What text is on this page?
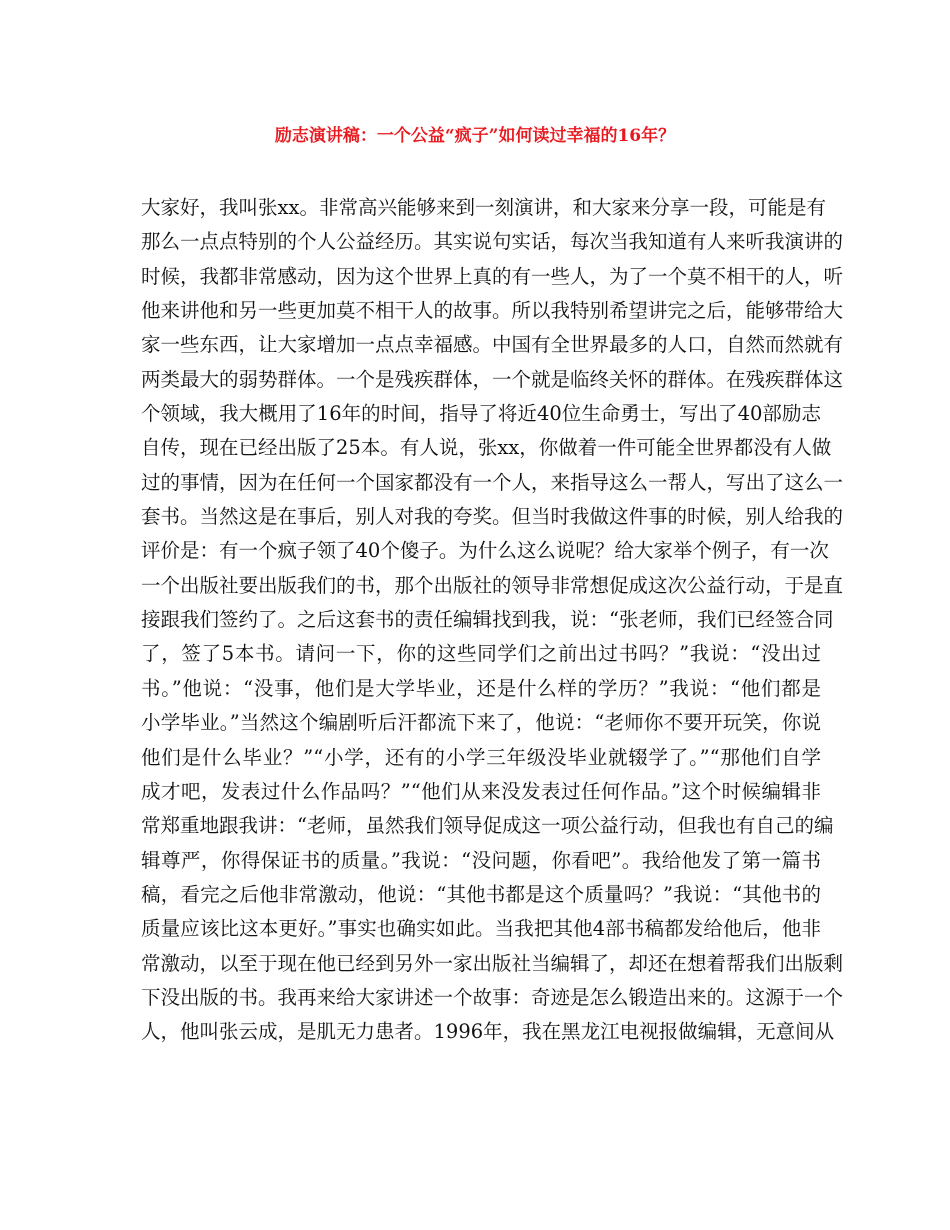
励志演讲稿：一个公益“疯子”如何读过幸福的16年？
大家好，我叫张xx。非常高兴能够来到一刻演讲，和大家来分享一段，可能是有
那么一点点特别的个人公益经历。其实说句实话，每次当我知道有人来听我演讲的
时候，我都非常感动，因为这个世界上真的有一些人，为了一个莫不相干的人，听
他来讲他和另一些更加莫不相干人的故事。所以我特别希望讲完之后，能够带给大
家一些东西，让大家增加一点点幸福感。中国有全世界最多的人口，自然而然就有
两类最大的弱势群体。一个是残疾群体，一个就是临终关怀的群体。在残疾群体这
个领域，我大概用了16年的时间，指导了将近40位生命勇士，写出了40部励志
自传，现在已经出版了25本。有人说，张xx，你做着一件可能全世界都没有人做
过的事情，因为在任何一个国家都没有一个人，来指导这么一帮人，写出了这么一
套书。当然这是在事后，别人对我的夸奖。但当时我做这件事的时候，别人给我的
评价是：有一个疯子领了40个傻子。为什么这么说呢？给大家举个例子，有一次
一个出版社要出版我们的书，那个出版社的领导非常想促成这次公益行动，于是直
接跟我们签约了。之后这套书的责任编辑找到我，说：“张老师，我们已经签合同
了，签了5本书。请问一下，你的这些同学们之前出过书吗？”我说：“没出过
书。”他说：“没事，他们是大学毕业，还是什么样的学历？”我说：“他们都是
小学毕业。”当然这个编剧听后汗都流下来了，他说：“老师你不要开玩笑，你说
他们是什么毕业？”“小学，还有的小学三年级没毕业就辍学了。”“那他们自学
成才吧，发表过什么作品吗？”“他们从来没发表过任何作品。”这个时候编辑非
常郑重地跟我讲：“老师，虽然我们领导促成这一项公益行动，但我也有自己的编
辑尊严，你得保证书的质量。”我说：“没问题，你看吧”。我给他发了第一篇书
稿，看完之后他非常激动，他说：“其他书都是这个质量吗？”我说：“其他书的
质量应该比这本更好。”事实也确实如此。当我把其他4部书稿都发给他后，他非
常激动，以至于现在他已经到另外一家出版社当编辑了，却还在想着帮我们出版剩
下没出版的书。我再来给大家讲述一个故事：奇迹是怎么锻造出来的。这源于一个
人，他叫张云成，是肌无力患者。1996年，我在黑龙江电视报做编辑，无意间从
